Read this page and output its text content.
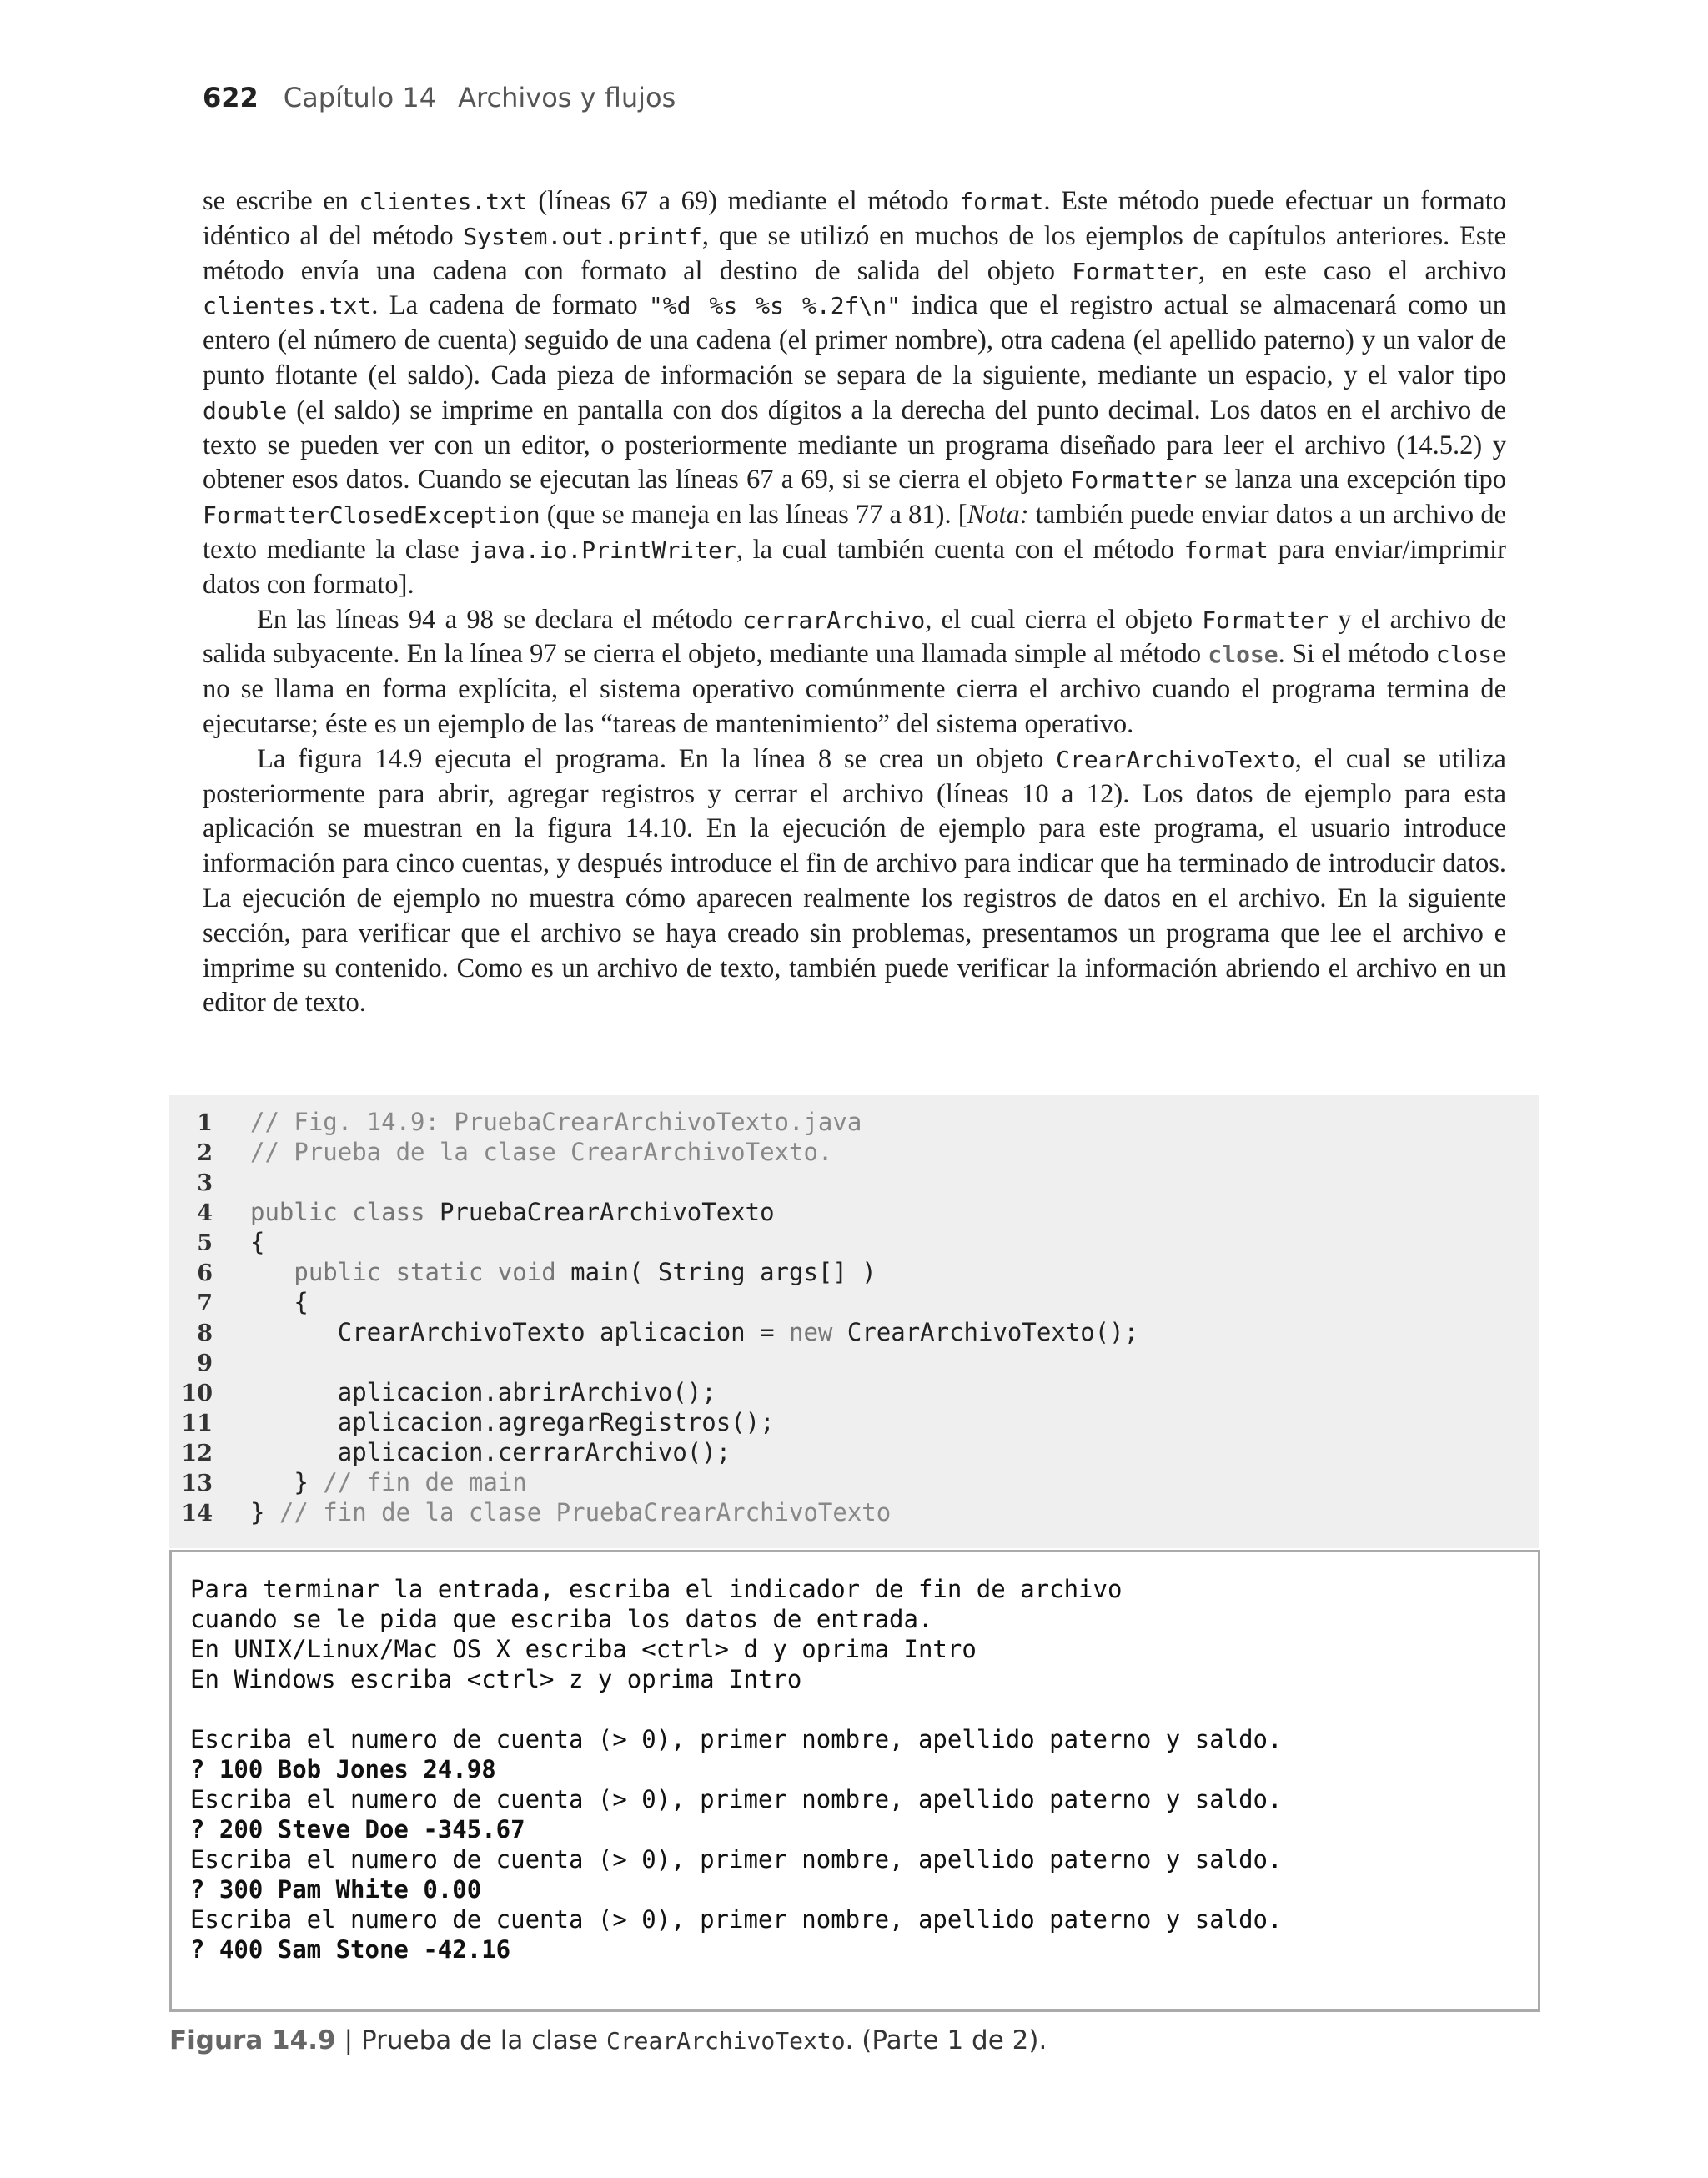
622 Capítulo 14 Archivos y flujos

se escribe en clientes.txt (líneas 67 a 69) mediante el método format. Este método puede efectuar un formato idéntico al del método System.out.printf, que se utilizó en muchos de los ejemplos de capítulos anteriores. Este método envía una cadena con formato al destino de salida del objeto Formatter, en este caso el archivo clientes.txt. La cadena de formato "%d %s %s %.2f\n" indica que el registro actual se almacenará como un entero (el número de cuenta) seguido de una cadena (el primer nombre), otra cadena (el apellido paterno) y un valor de punto flotante (el saldo). Cada pieza de información se separa de la siguiente, mediante un espacio, y el valor tipo double (el saldo) se imprime en pantalla con dos dígitos a la derecha del punto decimal. Los datos en el archivo de texto se pueden ver con un editor, o posteriormente mediante un programa diseñado para leer el archivo (14.5.2) y obtener esos datos. Cuando se ejecutan las líneas 67 a 69, si se cierra el objeto Formatter se lanza una excepción tipo FormatterClosedException (que se maneja en las líneas 77 a 81). [Nota: también puede enviar datos a un archivo de texto mediante la clase java.io.PrintWriter, la cual también cuenta con el método format para enviar/imprimir datos con formato].

En las líneas 94 a 98 se declara el método cerrarArchivo, el cual cierra el objeto Formatter y el archivo de salida subyacente. En la línea 97 se cierra el objeto, mediante una llamada simple al método close. Si el método close no se llama en forma explícita, el sistema operativo comúnmente cierra el archivo cuando el programa termina de ejecutarse; éste es un ejemplo de las “tareas de mantenimiento” del sistema operativo.

La figura 14.9 ejecuta el programa. En la línea 8 se crea un objeto CrearArchivoTexto, el cual se utiliza posteriormente para abrir, agregar registros y cerrar el archivo (líneas 10 a 12). Los datos de ejemplo para esta aplicación se muestran en la figura 14.10. En la ejecución de ejemplo para este programa, el usuario introduce información para cinco cuentas, y después introduce el fin de archivo para indicar que ha terminado de introducir datos. La ejecución de ejemplo no muestra cómo aparecen realmente los registros de datos en el archivo. En la siguiente sección, para verificar que el archivo se haya creado sin problemas, presentamos un programa que lee el archivo e imprime su contenido. Como es un archivo de texto, también puede verificar la información abriendo el archivo en un editor de texto.

1 // Fig. 14.9: PruebaCrearArchivoTexto.java
2 // Prueba de la clase CrearArchivoTexto.
3
4 public class PruebaCrearArchivoTexto
5 {
6   public static void main( String args[] )
7   {
8      CrearArchivoTexto aplicacion = new CrearArchivoTexto();
9
10      aplicacion.abrirArchivo();
11      aplicacion.agregarRegistros();
12      aplicacion.cerrarArchivo();
13   } // fin de main
14 } // fin de la clase PruebaCrearArchivoTexto
Para terminar la entrada, escriba el indicador de fin de archivo
cuando se le pida que escriba los datos de entrada.
En UNIX/Linux/Mac OS X escriba <ctrl> d y oprima Intro
En Windows escriba <ctrl> z y oprima Intro
Escriba el numero de cuenta (> 0), primer nombre, apellido paterno y saldo.
? 100 Bob Jones 24.98
Escriba el numero de cuenta (> 0), primer nombre, apellido paterno y saldo.
? 200 Steve Doe -345.67
Escriba el numero de cuenta (> 0), primer nombre, apellido paterno y saldo.
? 300 Pam White 0.00
Escriba el numero de cuenta (> 0), primer nombre, apellido paterno y saldo.
? 400 Sam Stone -42.16
Figura 14.9 | Prueba de la clase CrearArchivoTexto. (Parte 1 de 2).
